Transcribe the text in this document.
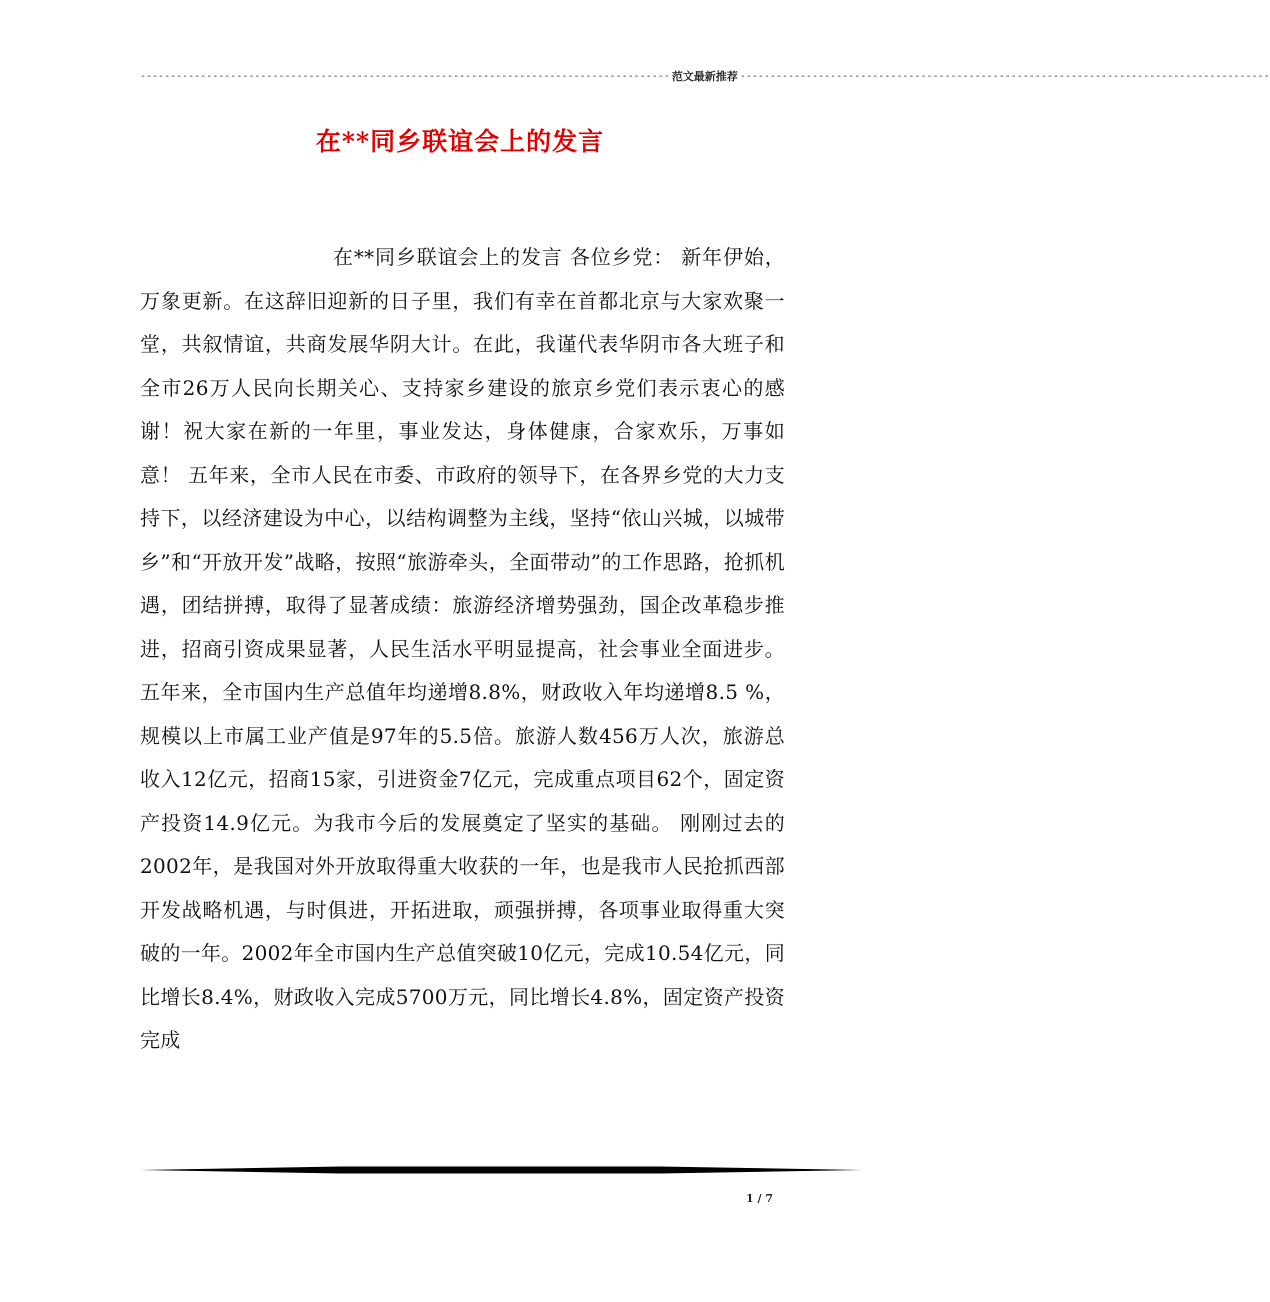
---------------------------------------------------------------------------------------- 范文最新推荐 ----------------------------------------------------------------------------------------
在**同乡联谊会上的发言

在**同乡联谊会上的发言 各位乡党： 新年伊始，万象更新。在这辞旧迎新的日子里，我们有幸在首都北京与大家欢聚一堂，共叙情谊，共商发展华阴大计。在此，我谨代表华阴市各大班子和全市26万人民向长期关心、支持家乡建设的旅京乡党们表示衷心的感谢！祝大家在新的一年里，事业发达，身体健康，合家欢乐，万事如意！ 五年来，全市人民在市委、市政府的领导下，在各界乡党的大力支持下，以经济建设为中心，以结构调整为主线，坚持“依山兴城，以城带乡”和“开放开发”战略，按照“旅游牵头，全面带动”的工作思路，抢抓机遇，团结拼搏，取得了显著成绩：旅游经济增势强劲，国企改革稳步推进，招商引资成果显著，人民生活水平明显提高，社会事业全面进步。五年来，全市国内生产总值年均递增8.8%，财政收入年均递增8.5 %，规模以上市属工业产值是97年的5.5倍。旅游人数456万人次，旅游总收入12亿元，招商15家，引进资金7亿元，完成重点项目62个，固定资产投资14.9亿元。为我市今后的发展奠定了坚实的基础。 刚刚过去的2002年，是我国对外开放取得重大收获的一年，也是我市人民抢抓西部开发战略机遇，与时俱进，开拓进取，顽强拼搏，各项事业取得重大突破的一年。2002年全市国内生产总值突破10亿元，完成10.54亿元，同比增长8.4%，财政收入完成5700万元，同比增长4.8%，固定资产投资完成

1 / 7
